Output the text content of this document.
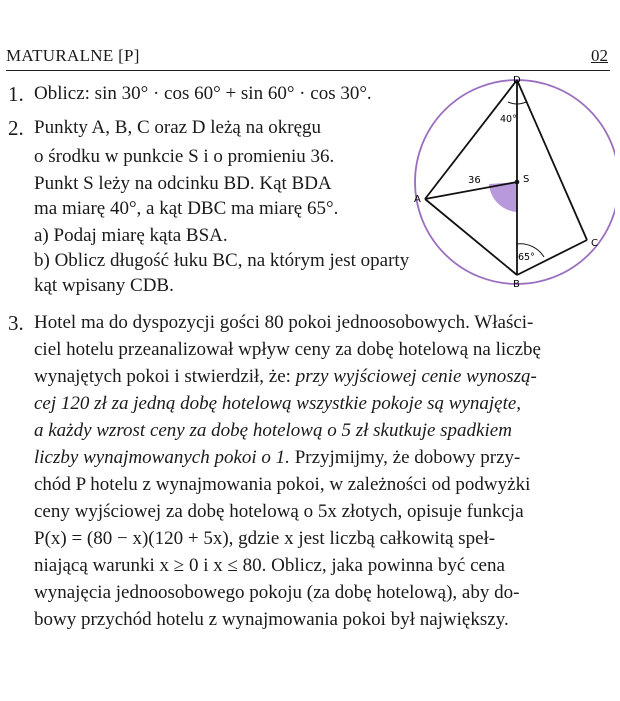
MATURALNE [P]	02
1. Oblicz: sin 30° · cos 60° + sin 60° · cos 30°.
2. Punkty A, B, C oraz D leżą na okręgu
o środku w punkcie S i o promieniu 36.
Punkt S leży na odcinku BD. Kąt BDA
ma miarę 40°, a kąt DBC ma miarę 65°.
a) Podaj miarę kąta BSA.
b) Oblicz długość łuku BC, na którym jest oparty
kąt wpisany CDB.
D
A
S
C
B
40°
65°
36
3. Hotel ma do dyspozycji gości 80 pokoi jednoosobowych. Właści-
ciel hotelu przeanalizował wpływ ceny za dobę hotelową na liczbę
wynajętych pokoi i stwierdził, że: przy wyjściowej cenie wynoszą-
cej 120 zł za jedną dobę hotelową wszystkie pokoje są wynajęte,
a każdy wzrost ceny za dobę hotelową o 5 zł skutkuje spadkiem
liczby wynajmowanych pokoi o 1. Przyjmijmy, że dobowy przy-
chód P hotelu z wynajmowania pokoi, w zależności od podwyżki
ceny wyjściowej za dobę hotelową o 5x złotych, opisuje funkcja
P(x) = (80 − x)(120 + 5x), gdzie x jest liczbą całkowitą speł-
niającą warunki x ≥ 0 i x ≤ 80. Oblicz, jaka powinna być cena
wynajęcia jednoosobowego pokoju (za dobę hotelową), aby do-
bowy przychód hotelu z wynajmowania pokoi był największy.
